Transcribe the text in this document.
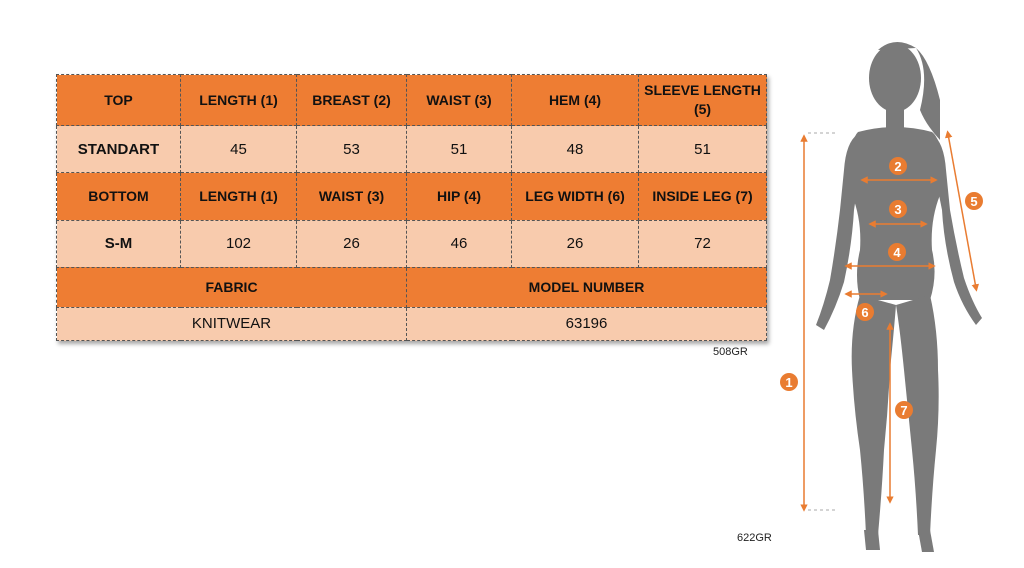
TOP	LENGTH (1)	BREAST (2)	WAIST (3)	HEM (4)	SLEEVE LENGTH (5)
STANDART	45	53	51	48	51
BOTTOM	LENGTH (1)	WAIST (3)	HIP (4)	LEG WIDTH (6)	INSIDE LEG (7)
S-M	102	26	46	26	72
FABRIC			MODEL NUMBER		
KNITWEAR			63196		
508GR
622GR
1
2
3
4
5
6
7
